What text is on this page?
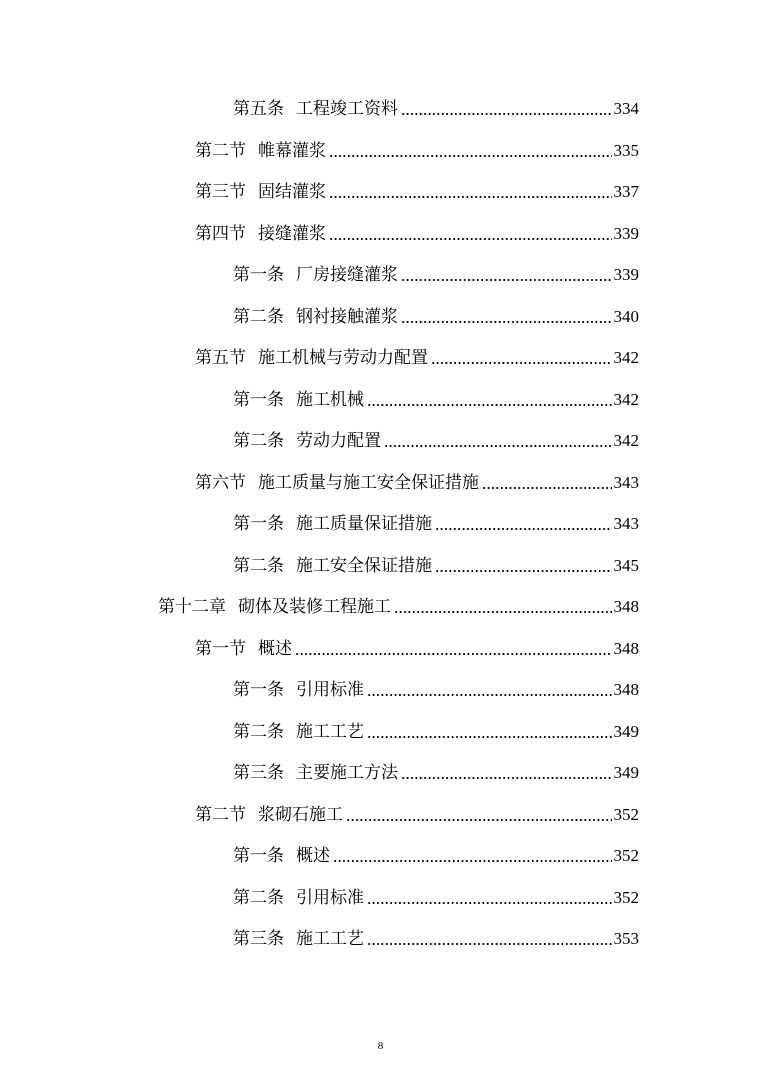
第五条 工程竣工资料	334
第二节 帷幕灌浆	335
第三节 固结灌浆	337
第四节 接缝灌浆	339
第一条 厂房接缝灌浆	339
第二条 钢衬接触灌浆	340
第五节 施工机械与劳动力配置	342
第一条 施工机械	342
第二条 劳动力配置	342
第六节 施工质量与施工安全保证措施	343
第一条 施工质量保证措施	343
第二条 施工安全保证措施	345
第十二章 砌体及装修工程施工	348
第一节 概述	348
第一条 引用标准	348
第二条 施工工艺	349
第三条 主要施工方法	349
第二节 浆砌石施工	352
第一条 概述	352
第二条 引用标准	352
第三条 施工工艺	353
8
